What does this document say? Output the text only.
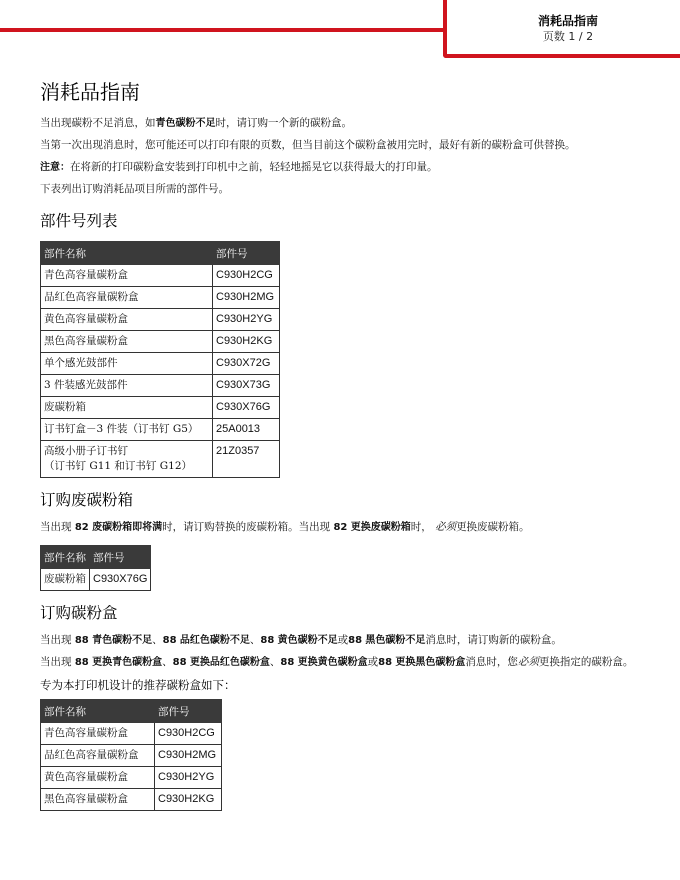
消耗品指南
页数 1 / 2
消耗品指南

当出现碳粉不足消息，如青色碳粉不足时，请订购一个新的碳粉盒。

当第一次出现消息时，您可能还可以打印有限的页数，但当目前这个碳粉盒被用完时，最好有新的碳粉盒可供替换。

注意：在将新的打印碳粉盒安装到打印机中之前，轻轻地摇晃它以获得最大的打印量。

下表列出订购消耗品项目所需的部件号。

部件号列表
部件名称	部件号
青色高容量碳粉盒	C930H2CG
品红色高容量碳粉盒	C930H2MG
黄色高容量碳粉盒	C930H2YG
黑色高容量碳粉盒	C930H2KG
单个感光鼓部件	C930X72G
3 件装感光鼓部件	C930X73G
废碳粉箱	C930X76G
订书钉盒－3 件装（订书钉 G5）	25A0013
高级小册子订书钉
（订书钉 G11 和订书钉 G12）	21Z0357
订购废碳粉箱

当出现 82 废碳粉箱即将满时，请订购替换的废碳粉箱。当出现 82 更换废碳粉箱时， 必须更换废碳粉箱。

部件名称	部件号
废碳粉箱	C930X76G
订购碳粉盒

当出现 88 青色碳粉不足、88 品红色碳粉不足、88 黄色碳粉不足或88 黑色碳粉不足消息时，请订购新的碳粉盒。

当出现 88 更换青色碳粉盒、88 更换品红色碳粉盒、88 更换黄色碳粉盒或88 更换黑色碳粉盒消息时，您必须更换指定的碳粉盒。

专为本打印机设计的推荐碳粉盒如下：
部件名称	部件号
青色高容量碳粉盒	C930H2CG
品红色高容量碳粉盒	C930H2MG
黄色高容量碳粉盒	C930H2YG
黑色高容量碳粉盒	C930H2KG
